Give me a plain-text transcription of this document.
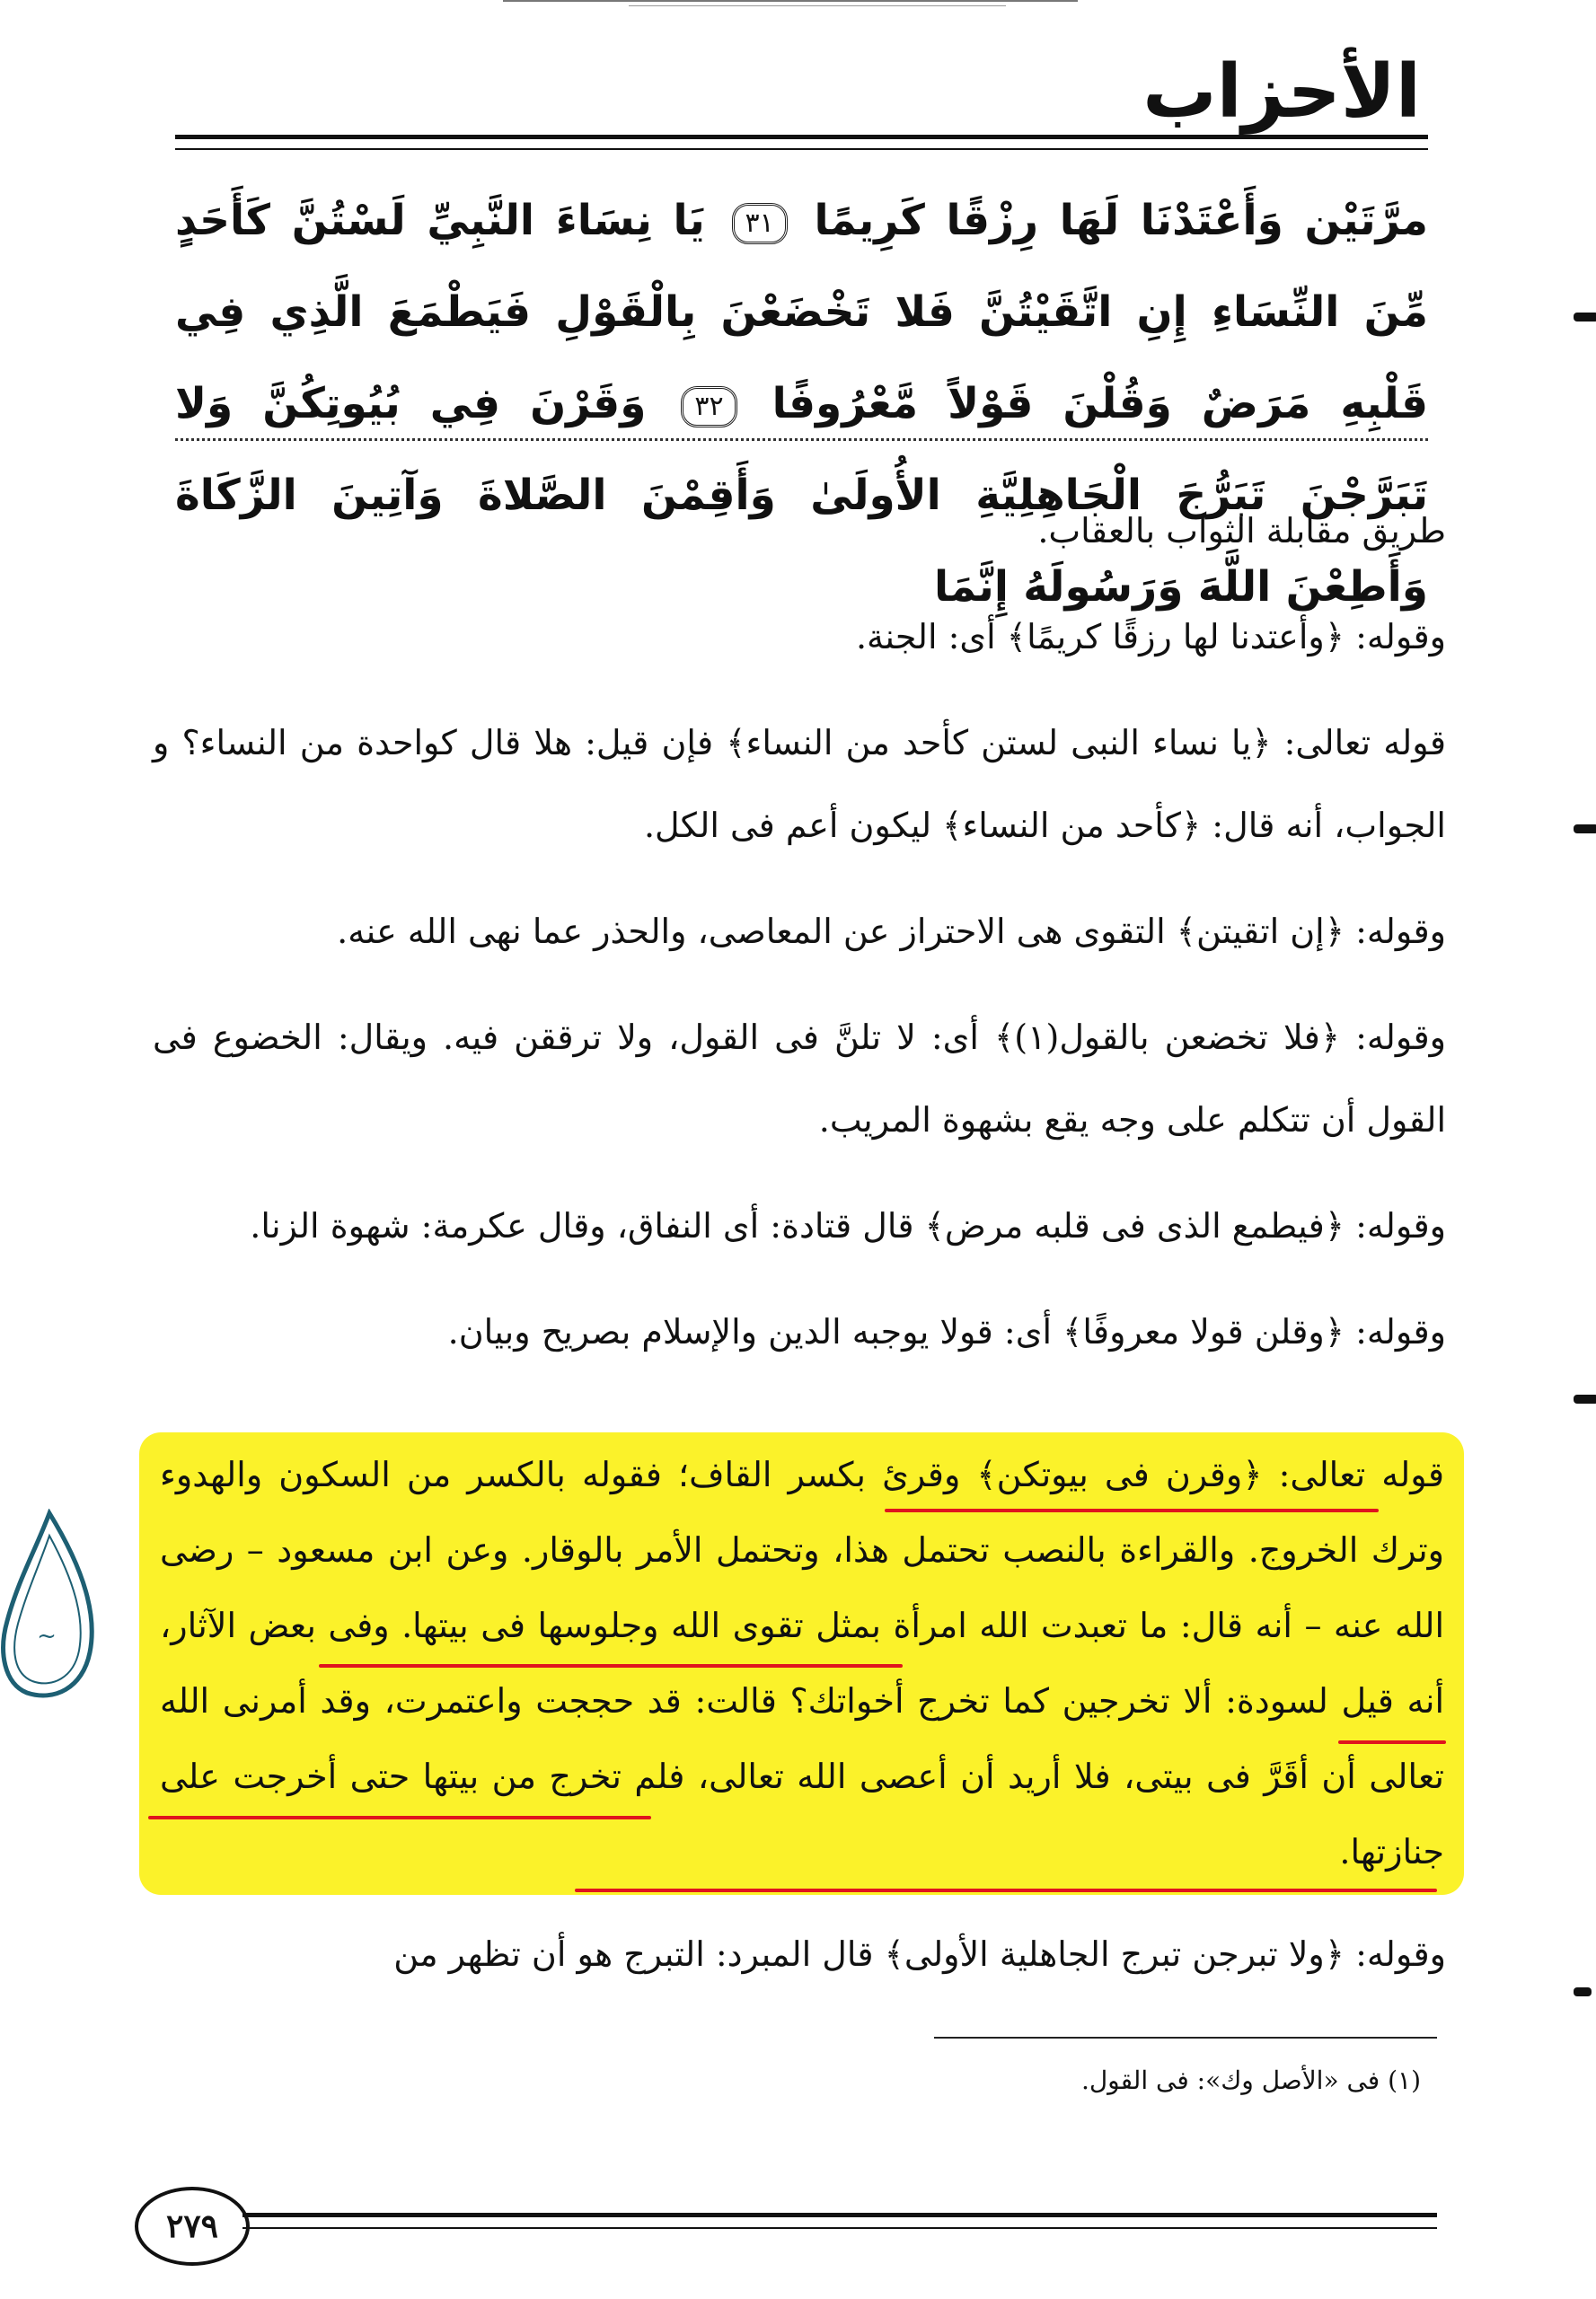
الأحزاب
مرَّتَيْن وَأَعْتَدْنَا لَهَا رِزْقًا كَرِيمًا ٣١ يَا نِسَاءَ النَّبِيِّ لَسْتُنَّ كَأَحَدٍ مِّنَ النِّسَاءِ إِنِ اتَّقَيْتُنَّ فَلا تَخْضَعْنَ بِالْقَوْلِ فَيَطْمَعَ الَّذِي فِي قَلْبِهِ مَرَضٌ وَقُلْنَ قَوْلاً مَّعْرُوفًا ٣٢ وَقَرْنَ فِي بُيُوتِكُنَّ وَلا تَبَرَّجْنَ تَبَرُّجَ الْجَاهِلِيَّةِ الأُولَىٰ وَأَقِمْنَ الصَّلاةَ وَآتِينَ الزَّكَاةَ وَأَطِعْنَ اللَّهَ وَرَسُولَهُ إِنَّمَا

طريق مقابلة الثواب بالعقاب.

وقوله: ﴿وأعتدنا لها رزقًا كريمًا﴾ أى: الجنة.

قوله تعالى: ﴿يا نساء النبى لستن كأحد من النساء﴾ فإن قيل: هلا قال كواحدة من النساء؟ و الجواب، أنه قال: ﴿كأحد من النساء﴾ ليكون أعم فى الكل.

وقوله: ﴿إن اتقيتن﴾ التقوى هى الاحتراز عن المعاصى، والحذر عما نهى الله عنه.

وقوله: ﴿فلا تخضعن بالقول(١)﴾ أى: لا تلنَّ فى القول، ولا ترققن فيه. ويقال: الخضوع فى القول أن تتكلم على وجه يقع بشهوة المريب.

وقوله: ﴿فيطمع الذى فى قلبه مرض﴾ قال قتادة: أى النفاق، وقال عكرمة: شهوة الزنا.

وقوله: ﴿وقلن قولا معروفًا﴾ أى: قولا يوجبه الدين والإسلام بصريح وبيان.

قوله تعالى: ﴿وقرن فى بيوتكن﴾ وقرئ بكسر القاف؛ فقوله بالكسر من السكون والهدوء وترك الخروج. والقراءة بالنصب تحتمل هذا، وتحتمل الأمر بالوقار. وعن ابن مسعود – رضى الله عنه – أنه قال: ما تعبدت الله امرأة بمثل تقوى الله وجلوسها فى بيتها. وفى بعض الآثار، أنه قيل لسودة: ألا تخرجين كما تخرج أخواتك؟ قالت: قد حججت واعتمرت، وقد أمرنى الله تعالى أن أقَرَّ فى بيتى، فلا أريد أن أعصى الله تعالى، فلم تخرج من بيتها حتى أخرجت على جنازتها.
وقوله: ﴿ولا تبرجن تبرج الجاهلية الأولى﴾ قال المبرد: التبرج هو أن تظهر من
(١) فى «الأصل وك»: فى القول.
٢٧٩
~
